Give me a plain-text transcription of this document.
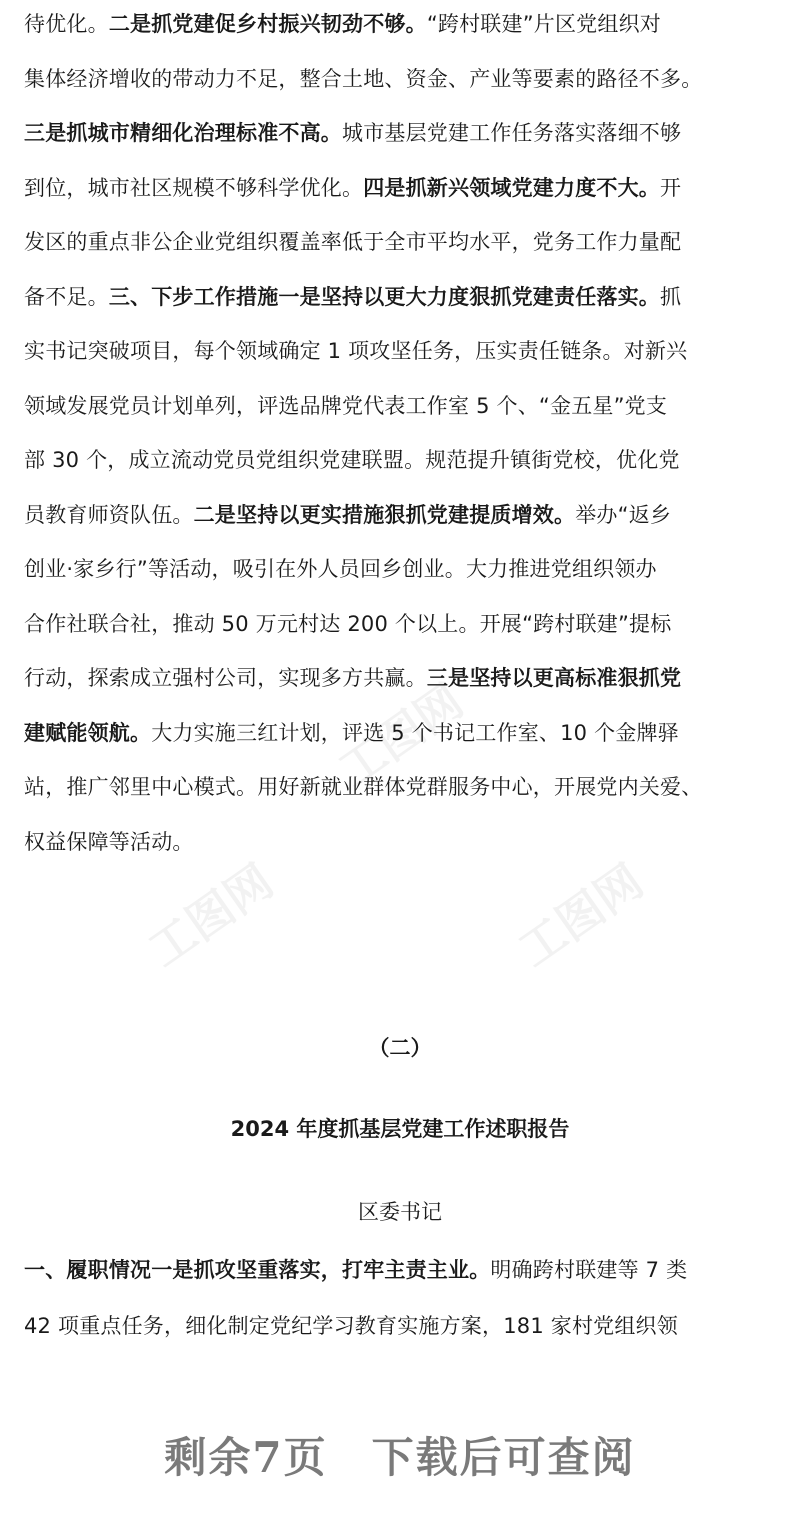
待优化。二是抓党建促乡村振兴韧劲不够。“跨村联建”片区党组织对
集体经济增收的带动力不足，整合土地、资金、产业等要素的路径不多。
三是抓城市精细化治理标准不高。城市基层党建工作任务落实落细不够
到位，城市社区规模不够科学优化。四是抓新兴领域党建力度不大。开
发区的重点非公企业党组织覆盖率低于全市平均水平，党务工作力量配
备不足。三、下步工作措施一是坚持以更大力度狠抓党建责任落实。抓
实书记突破项目，每个领域确定 1 项攻坚任务，压实责任链条。对新兴
领域发展党员计划单列，评选品牌党代表工作室 5 个、“金五星”党支
部 30 个，成立流动党员党组织党建联盟。规范提升镇街党校，优化党
员教育师资队伍。二是坚持以更实措施狠抓党建提质增效。举办“返乡
创业·家乡行”等活动，吸引在外人员回乡创业。大力推进党组织领办
合作社联合社，推动 50 万元村达 200 个以上。开展“跨村联建”提标
行动，探索成立强村公司，实现多方共赢。三是坚持以更高标准狠抓党
建赋能领航。大力实施三红计划，评选 5 个书记工作室、10 个金牌驿
站，推广邻里中心模式。用好新就业群体党群服务中心，开展党内关爱、
权益保障等活动。
（二）
2024 年度抓基层党建工作述职报告
区委书记
一、履职情况一是抓攻坚重落实，打牢主责主业。明确跨村联建等 7 类
42 项重点任务，细化制定党纪学习教育实施方案，181 家村党组织领
剩余7页 下载后可查阅
工图网
工图网	工图网
